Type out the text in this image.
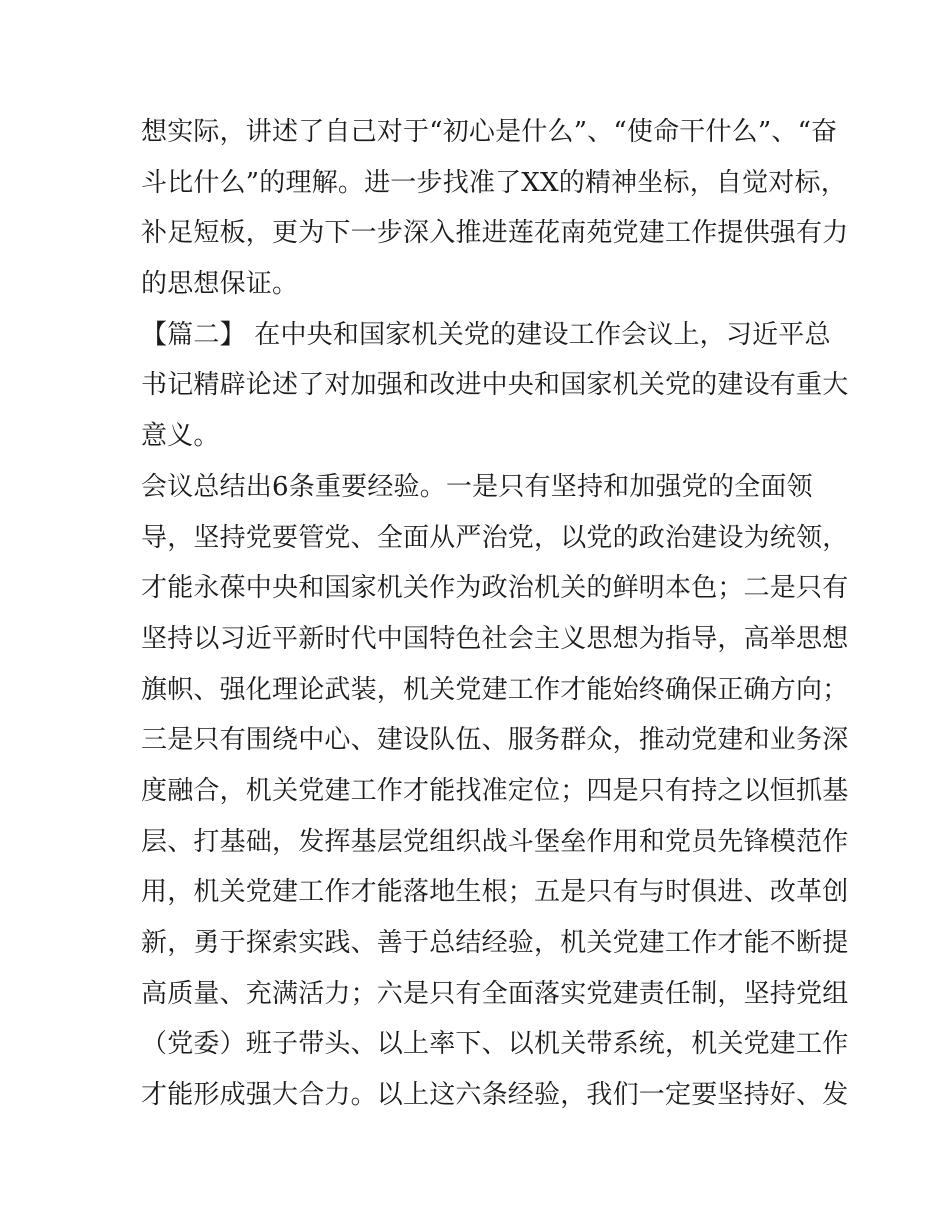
想实际，讲述了自己对于“初心是什么”、“使命干什么”、“奋
斗比什么”的理解。进一步找准了XX的精神坐标，自觉对标，
补足短板，更为下一步深入推进莲花南苑党建工作提供强有力
的思想保证。
【篇二】 在中央和国家机关党的建设工作会议上，习近平总
书记精辟论述了对加强和改进中央和国家机关党的建设有重大
意义。
会议总结出6条重要经验。一是只有坚持和加强党的全面领
导，坚持党要管党、全面从严治党，以党的政治建设为统领，
才能永葆中央和国家机关作为政治机关的鲜明本色；二是只有
坚持以习近平新时代中国特色社会主义思想为指导，高举思想
旗帜、强化理论武装，机关党建工作才能始终确保正确方向；
三是只有围绕中心、建设队伍、服务群众，推动党建和业务深
度融合，机关党建工作才能找准定位；四是只有持之以恒抓基
层、打基础，发挥基层党组织战斗堡垒作用和党员先锋模范作
用，机关党建工作才能落地生根；五是只有与时俱进、改革创
新，勇于探索实践、善于总结经验，机关党建工作才能不断提
高质量、充满活力；六是只有全面落实党建责任制，坚持党组
（党委）班子带头、以上率下、以机关带系统，机关党建工作
才能形成强大合力。以上这六条经验，我们一定要坚持好、发
